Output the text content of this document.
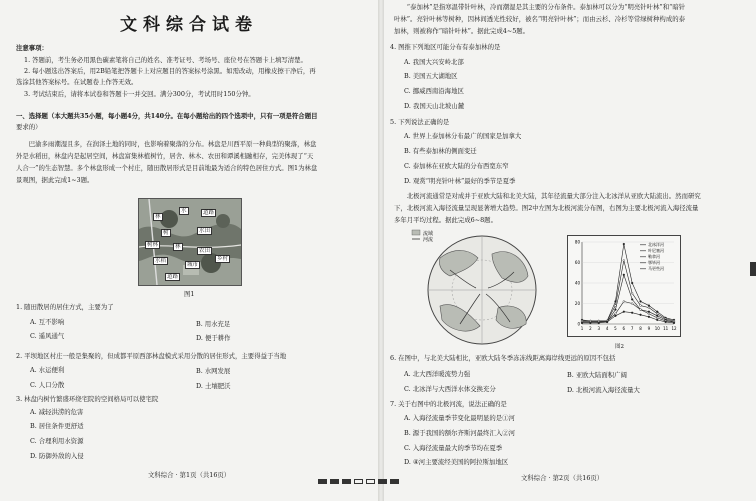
文科综合试卷
注意事项：
1. 答题前，考生务必用黑色碳素笔将自己的姓名、准考证号、考场号、座位号在答题卡上填写清楚。
2. 每小题选出答案后，用2B铅笔把答题卡上对应题目的答案标号涂黑。如需改动，用橡皮擦干净后，再
选涂其他答案标号。在试题卷上作答无效。
3. 考试结束后，请将本试卷和答题卡一并交回。满分300分，考试用时150分钟。
一、选择题（本大题共35小题，每小题4分，共140分。在每小题给出的四个选项中，只有一项是符合题目
要求的）
　　巴渝多雨潮湿且多，在润泽土地的同时，也影响着聚落的分布。林盘是川西平原一种典型的聚落，林盘
外是水稻田，林盘内是起居空间，林盘富集林植树竹，居舍、林木、农田和谭溪相融相存，完美体现了“天
人合一”的生态智慧。多个林盘形成一个村庄，随田散居形式是目前地最为适合的特色居住方式。图1为林盘
景观图，据此完成1~3题。
林
水	道路
树	水田
树林	林
农田
水稻
城市
乡村
道路
图1
1. 随田散居的居住方式，主要为了
A. 互不影响	B. 用水充足
C. 遥风通气	D. 便于耕作
2. 平坝地区村庄一般是集聚的，但成都平原西部林盘模式采用分散的居住形式，主要得益于当地
A. 水运便利	B. 水网发展
C. 人口分散	D. 土壤肥沃
3. 林盘内树竹繁盛环绕宅院的空间格局可以使宅院
A. 减轻洪涝的危害
B. 居住条件更舒适
C. 合理利用水资源
D. 防御外敌的入侵
文科综合 · 第1页（共16页）
　　“泰加林”是指寒温带针叶林，冷而潮湿是其主要的分布条件。泰加林可以分为“明亮针叶林”和“暗针
叶林”。亮针叶林等树种，因林间透光性较好，被名“明亮针叶林”；而由云杉、冷杉等常绿树种构成的泰
加林，则被称作“暗针叶林”。据此完成4~5题。
4. 图推下列地区可能分布有泰加林的是
A. 我国大兴安岭北部
B. 美国五大湖地区
C. 挪威西南沿海地区
D. 我国天山北坡山麓
5. 下列说法正确的是
A. 世界上泰加林分布最广的国家是加拿大
B. 有些泰加林的侧面变迁
C. 泰加林在亚欧大陆的分布西宽东窄
D. 观赏“明亮针叶林”最好的季节是夏季
　　北极河流通常是对成并于亚欧大陆和北美大陆，其年径流量大部分注入北冰洋从亚欧大陆流出。然而研究
下，北极河流入海径流量呈现显著增大趋势。图2中左图为北极河流分布图，右图为主要北极河流入海径流量
多年月平均过程。据此完成6~8题。
流域
河流
0
20
40
60
80
1 2 3 4 5 6 7 8 9 10 11 12
北冰洋河
叶尼塞河
勒拿河
鄂毕河
马更些河
图2
6. 在图中，与北美大陆相比，亚欧大陆冬季冻冻线距离海岸线更远的原因不包括
A. 北大西洋暖流势力强	B. 亚欧大陆面积广阔
C. 北冰洋与大西洋水体交换充分	D. 北极河流入海径流量大
7. 关于右图中的北极河流，说法正确的是
A. 入海径流量季节变化最明显的是①河
B. 源于我国的额尔齐斯河最终汇入②河
C. 入海径流量最大的季节均在夏季
D. ④河主要流经美国的阿拉斯加地区
文科综合 · 第2页（共16页）
